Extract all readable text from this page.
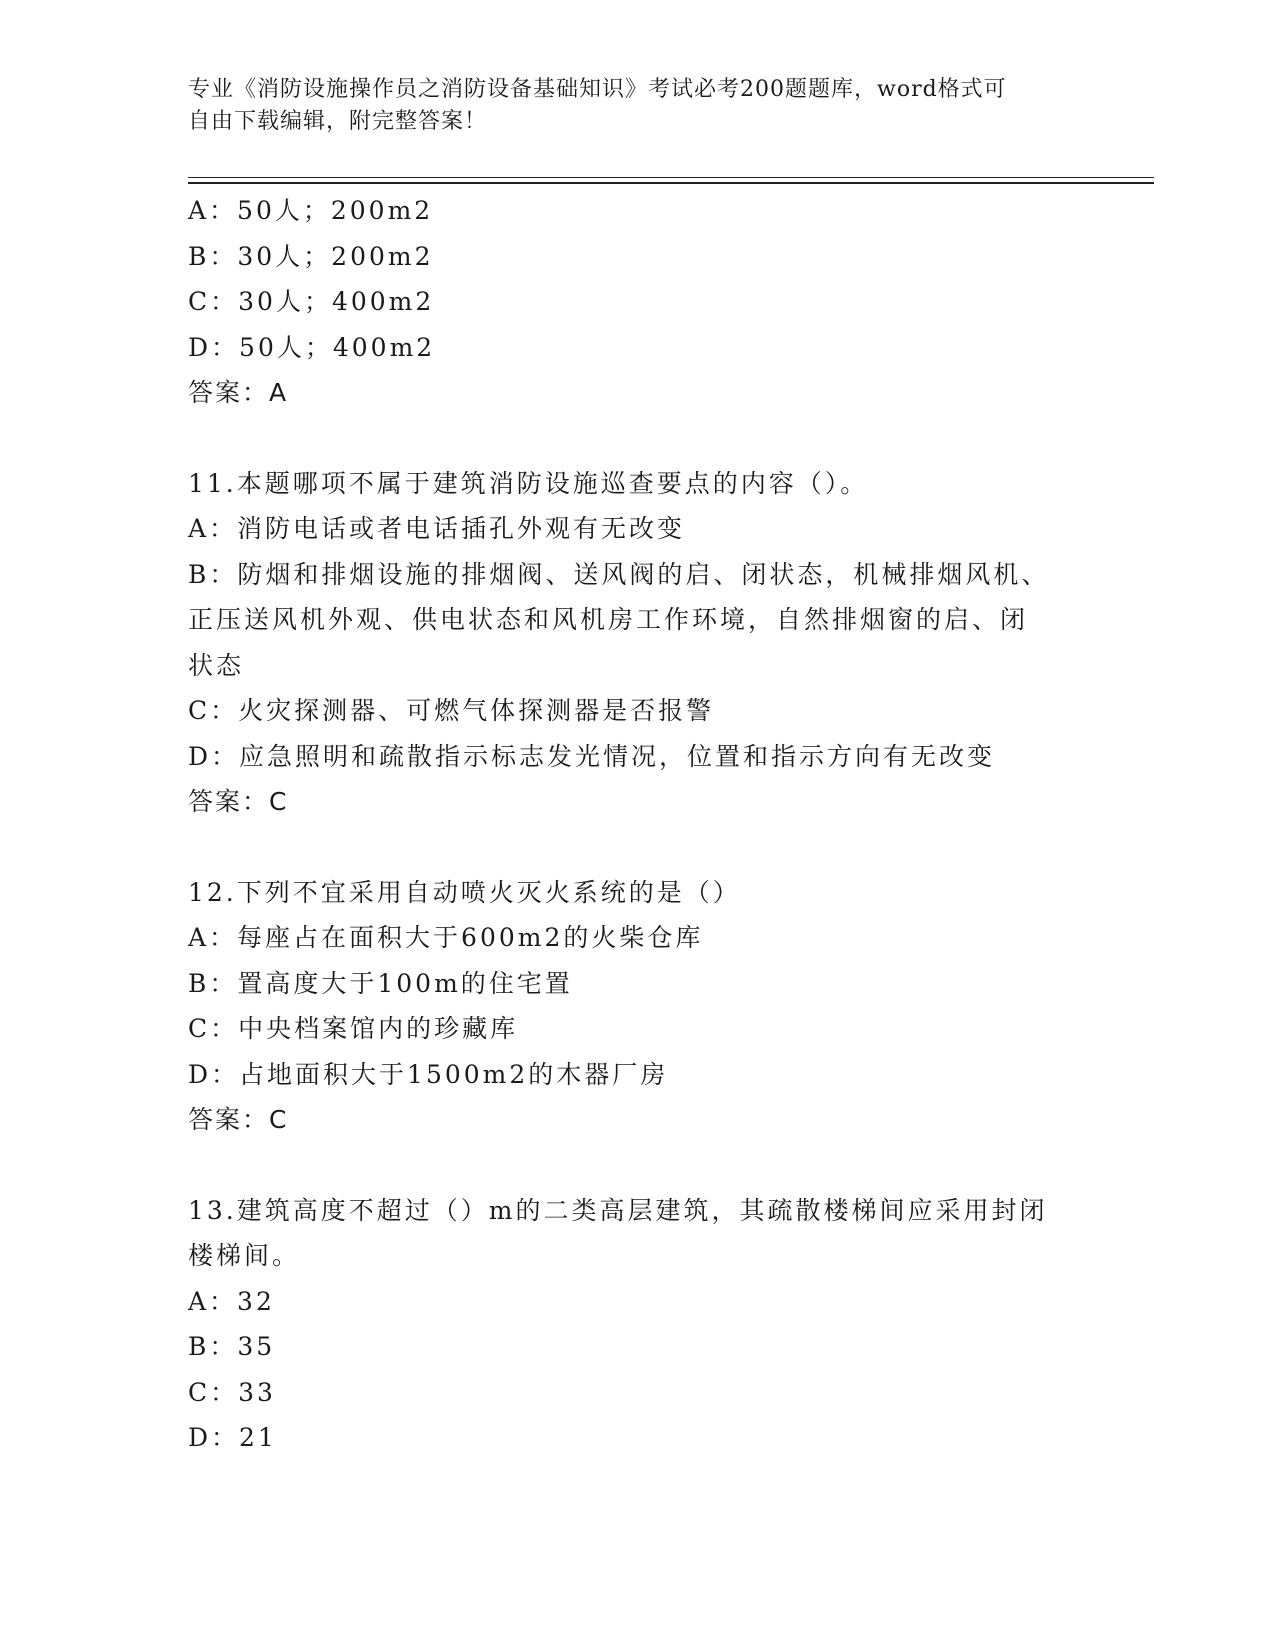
专业《消防设施操作员之消防设备基础知识》考试必考200题题库，word格式可
自由下载编辑，附完整答案！
A：50人；200m2
B：30人；200m2
C：30人；400m2
D：50人；400m2
答案：A
11.本题哪项不属于建筑消防设施巡查要点的内容（）。
A：消防电话或者电话插孔外观有无改变
B：防烟和排烟设施的排烟阀、送风阀的启、闭状态，机械排烟风机、
正压送风机外观、供电状态和风机房工作环境，自然排烟窗的启、闭
状态
C：火灾探测器、可燃气体探测器是否报警
D：应急照明和疏散指示标志发光情况，位置和指示方向有无改变
答案：C
12.下列不宜采用自动喷火灭火系统的是（）
A：每座占在面积大于600m2的火柴仓库
B：置高度大于100m的住宅置
C：中央档案馆内的珍藏库
D：占地面积大于1500m2的木器厂房
答案：C
13.建筑高度不超过（）m的二类高层建筑，其疏散楼梯间应采用封闭
楼梯间。
A：32
B：35
C：33
D：21
